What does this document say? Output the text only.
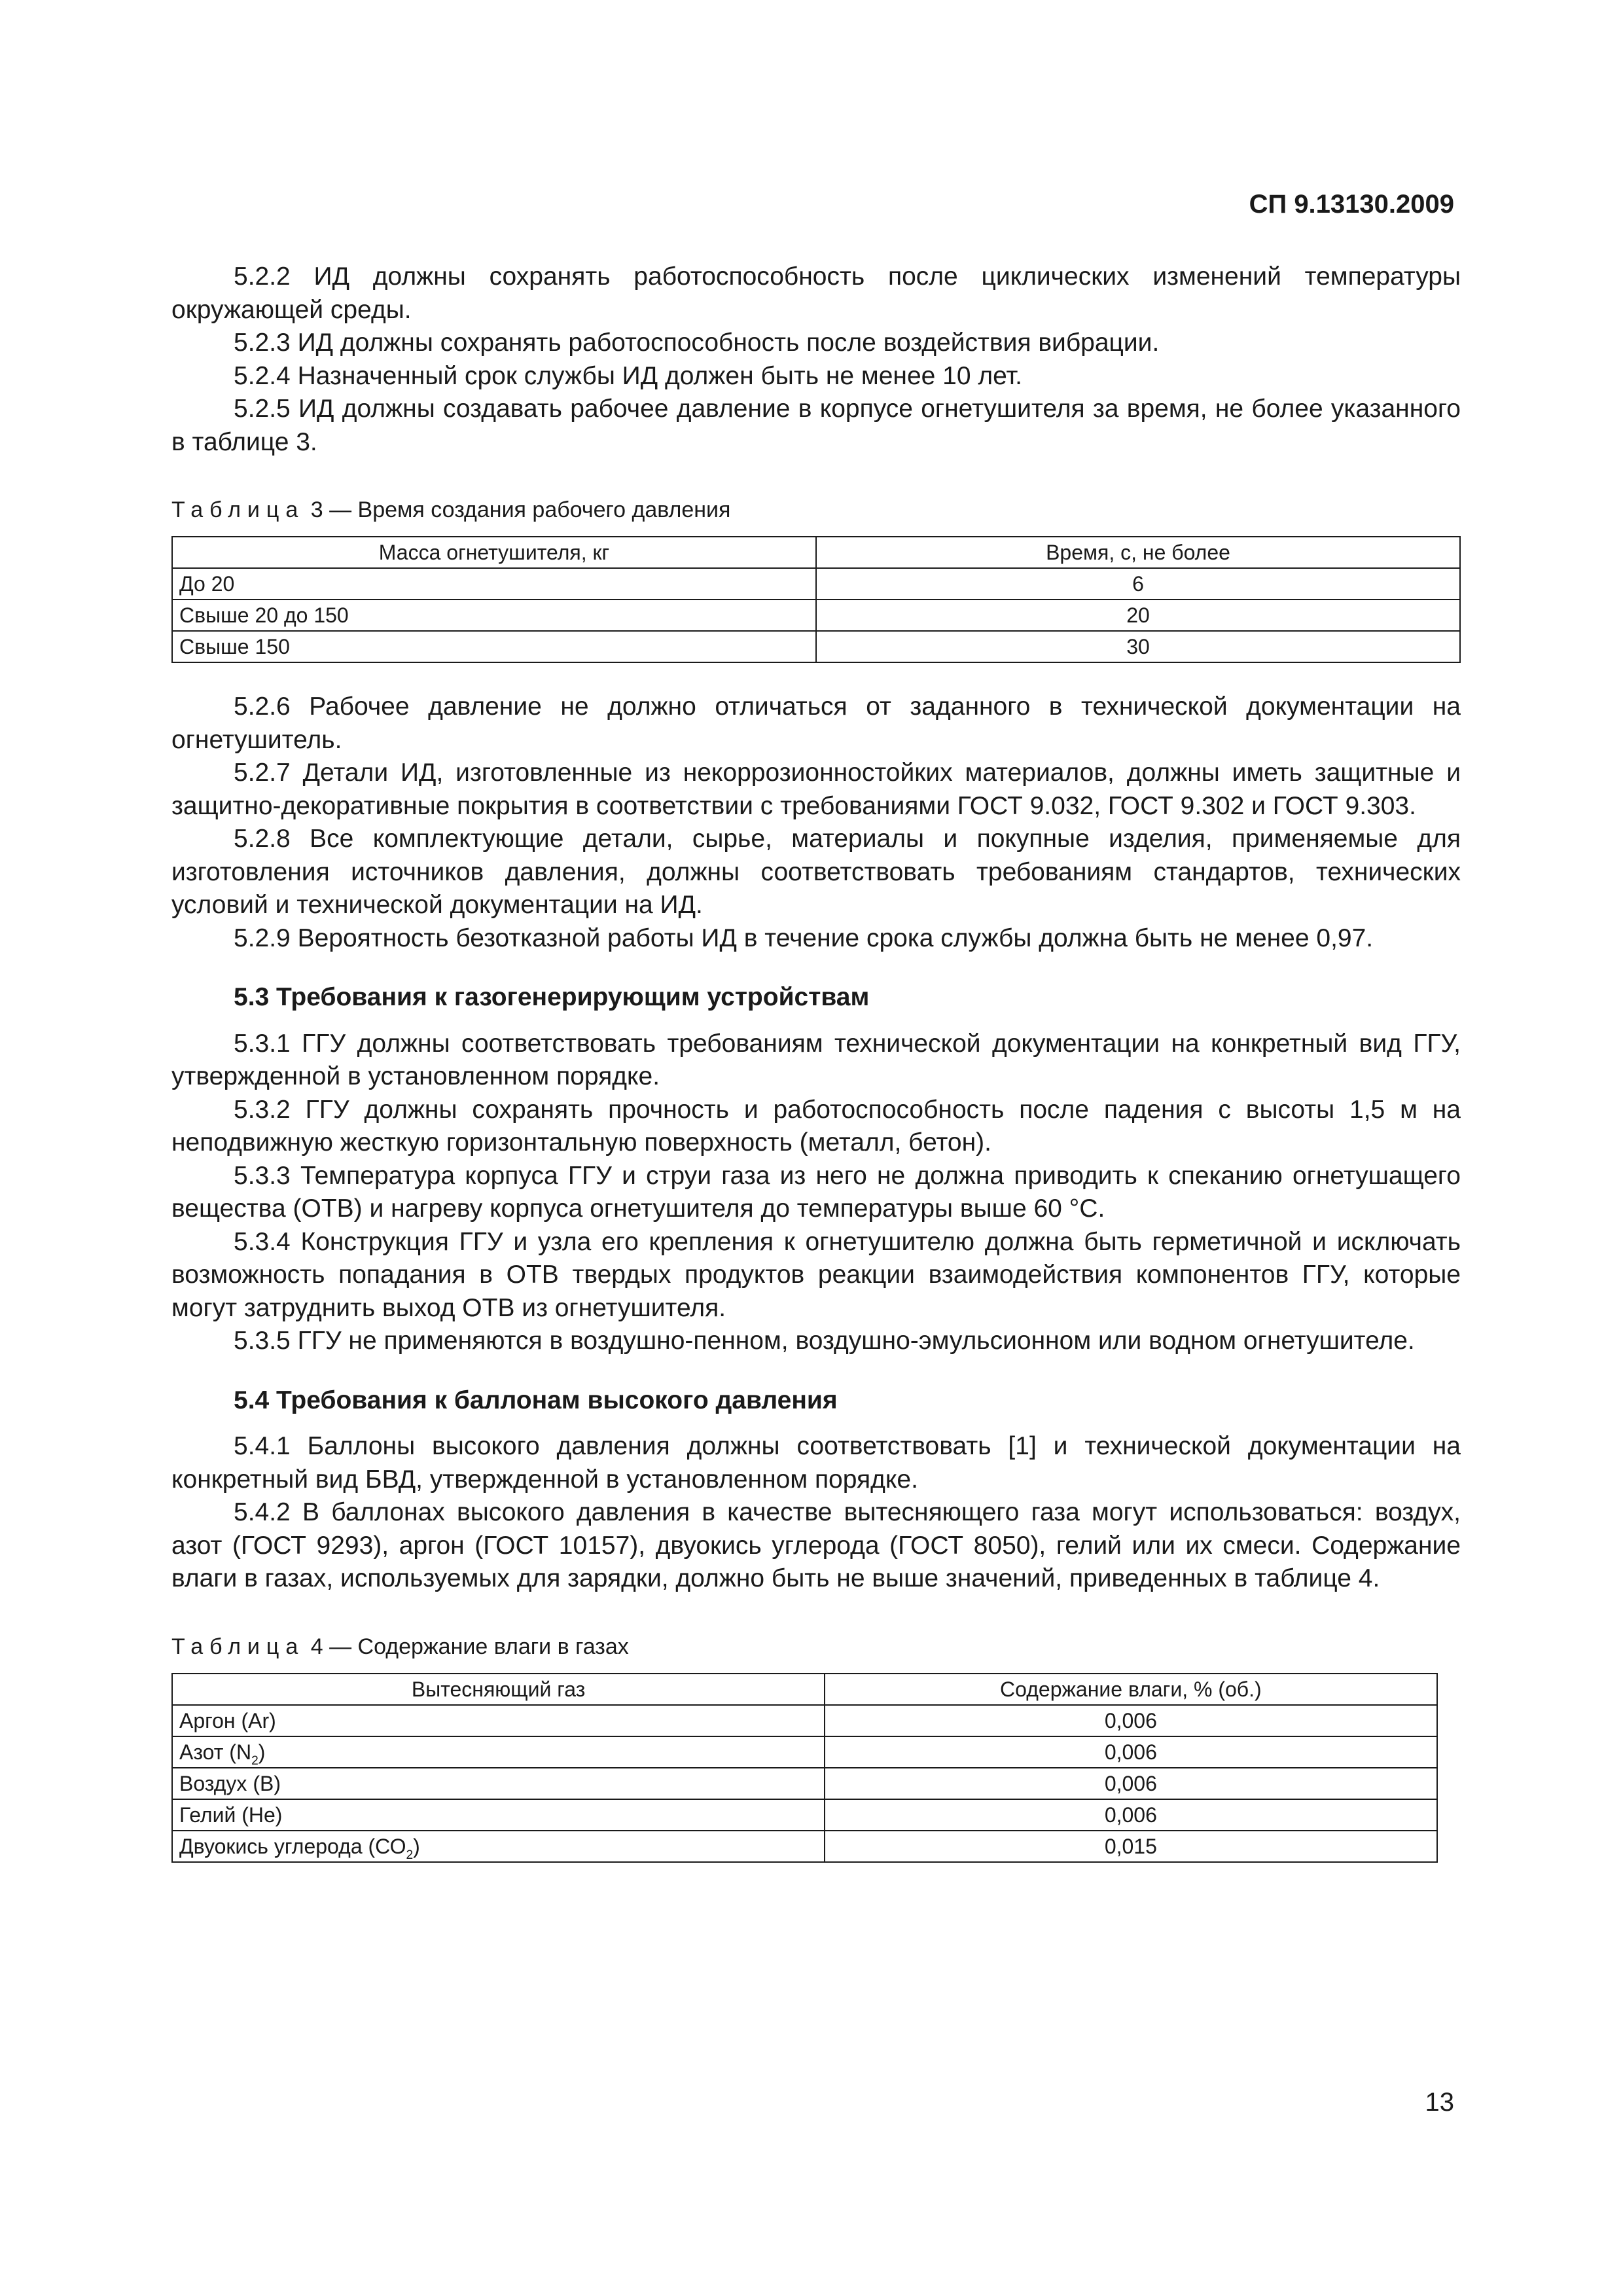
СП 9.13130.2009

5.2.2 ИД должны сохранять работоспособность после циклических изменений температуры окружающей среды.

5.2.3 ИД должны сохранять работоспособность после воздействия вибрации.

5.2.4 Назначенный срок службы ИД должен быть не менее 10 лет.

5.2.5 ИД должны создавать рабочее давление в корпусе огнетушителя за время, не более указанного в таблице 3.

Таблица 3 — Время создания рабочего давления
Масса огнетушителя, кг	Время, с, не более
До 20	6
Свыше 20 до 150	20
Свыше 150	30

5.2.6 Рабочее давление не должно отличаться от заданного в технической документации на огнетушитель.

5.2.7 Детали ИД, изготовленные из некоррозионностойких материалов, должны иметь защитные и защитно-декоративные покрытия в соответствии с требованиями ГОСТ 9.032, ГОСТ 9.302 и ГОСТ 9.303.

5.2.8 Все комплектующие детали, сырье, материалы и покупные изделия, применяемые для изготовления источников давления, должны соответствовать требованиям стандартов, технических условий и технической документации на ИД.

5.2.9 Вероятность безотказной работы ИД в течение срока службы должна быть не менее 0,97.

5.3 Требования к газогенерирующим устройствам

5.3.1 ГГУ должны соответствовать требованиям технической документации на конкретный вид ГГУ, утвержденной в установленном порядке.

5.3.2 ГГУ должны сохранять прочность и работоспособность после падения с высоты 1,5 м на неподвижную жесткую горизонтальную поверхность (металл, бетон).

5.3.3 Температура корпуса ГГУ и струи газа из него не должна приводить к спеканию огнетушащего вещества (ОТВ) и нагреву корпуса огнетушителя до температуры выше 60 °С.

5.3.4 Конструкция ГГУ и узла его крепления к огнетушителю должна быть герметичной и исключать возможность попадания в ОТВ твердых продуктов реакции взаимодействия компонентов ГГУ, которые могут затруднить выход ОТВ из огнетушителя.

5.3.5 ГГУ не применяются в воздушно-пенном, воздушно-эмульсионном или водном огнетушителе.

5.4 Требования к баллонам высокого давления

5.4.1 Баллоны высокого давления должны соответствовать [1] и технической документации на конкретный вид БВД, утвержденной в установленном порядке.

5.4.2 В баллонах высокого давления в качестве вытесняющего газа могут использоваться: воздух, азот (ГОСТ 9293), аргон (ГОСТ 10157), двуокись углерода (ГОСТ 8050), гелий или их смеси. Содержание влаги в газах, используемых для зарядки, должно быть не выше значений, приведенных в таблице 4.

Таблица 4 — Содержание влаги в газах
Вытесняющий газ	Содержание влаги, % (об.)
Аргон (Ar)	0,006
Азот $(N_2)$	0,006
Воздух (В)	0,006
Гелий (Не)	0,006
Двуокись углерода $(СО_2)$	0,015
13
